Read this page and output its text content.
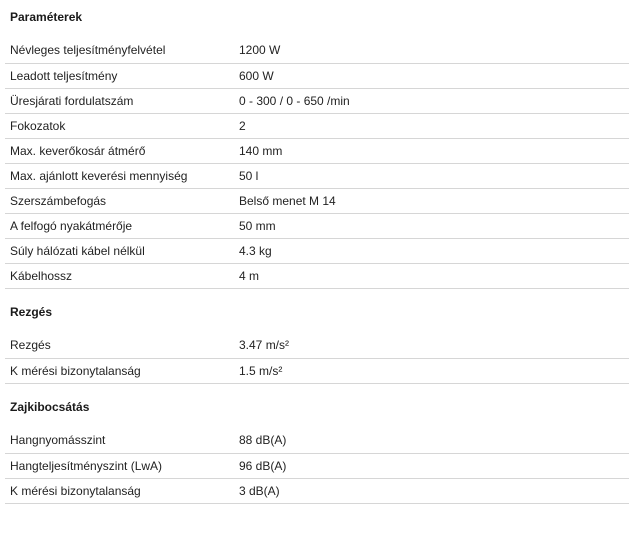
Paraméterek
Névleges teljesítményfelvétel	1200 W
Leadott teljesítmény	600 W
Üresjárati fordulatszám	0 - 300 / 0 - 650 /min
Fokozatok	2
Max. keverőkosár átmérő	140 mm
Max. ajánlott keverési mennyiség	50 l
Szerszámbefogás	Belső menet M 14
A felfogó nyakátmérője	50 mm
Súly hálózati kábel nélkül	4.3 kg
Kábelhossz	4 m
Rezgés
Rezgés	3.47 m/s²
K mérési bizonytalanság	1.5 m/s²
Zajkibocsátás
Hangnyomásszint	88 dB(A)
Hangteljesítményszint (LwA)	96 dB(A)
K mérési bizonytalanság	3 dB(A)
